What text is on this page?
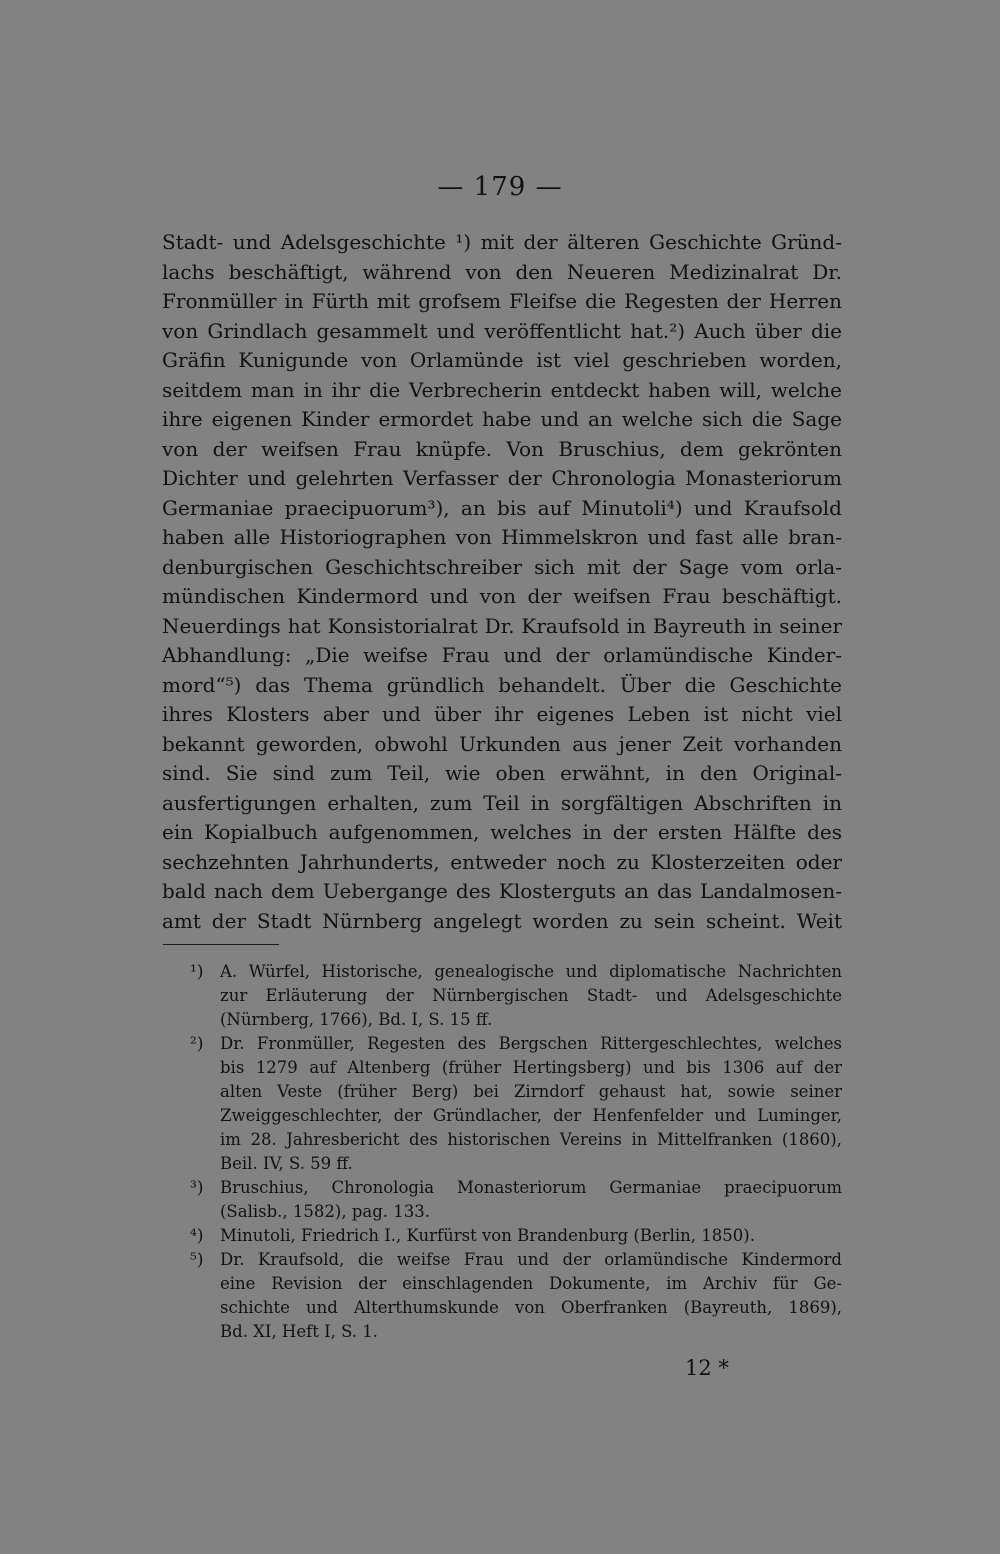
— 179 —
Stadt- und Adelsgeschichte ¹) mit der älteren Geschichte Gründ-
lachs beschäftigt, während von den Neueren Medizinalrat Dr.
Fronmüller in Fürth mit grofsem Fleifse die Regesten der Herren
von Grindlach gesammelt und veröffentlicht hat.²) Auch über die
Gräfin Kunigunde von Orlamünde ist viel geschrieben worden,
seitdem man in ihr die Verbrecherin entdeckt haben will, welche
ihre eigenen Kinder ermordet habe und an welche sich die Sage
von der weifsen Frau knüpfe. Von Bruschius, dem gekrönten
Dichter und gelehrten Verfasser der Chronologia Monasteriorum
Germaniae praecipuorum³), an bis auf Minutoli⁴) und Kraufsold
haben alle Historiographen von Himmelskron und fast alle bran-
denburgischen Geschichtschreiber sich mit der Sage vom orla-
mündischen Kindermord und von der weifsen Frau beschäftigt.
Neuerdings hat Konsistorialrat Dr. Kraufsold in Bayreuth in seiner
Abhandlung: „Die weifse Frau und der orlamündische Kinder-
mord“⁵) das Thema gründlich behandelt. Über die Geschichte
ihres Klosters aber und über ihr eigenes Leben ist nicht viel
bekannt geworden, obwohl Urkunden aus jener Zeit vorhanden
sind. Sie sind zum Teil, wie oben erwähnt, in den Original-
ausfertigungen erhalten, zum Teil in sorgfältigen Abschriften in
ein Kopialbuch aufgenommen, welches in der ersten Hälfte des
sechzehnten Jahrhunderts, entweder noch zu Klosterzeiten oder
bald nach dem Uebergange des Klosterguts an das Landalmosen-
amt der Stadt Nürnberg angelegt worden zu sein scheint. Weit
¹) A. Würfel, Historische, genealogische und diplomatische Nachrichten
zur Erläuterung der Nürnbergischen Stadt- und Adelsgeschichte
(Nürnberg, 1766), Bd. I, S. 15 ff.
²) Dr. Fronmüller, Regesten des Bergschen Rittergeschlechtes, welches
bis 1279 auf Altenberg (früher Hertingsberg) und bis 1306 auf der
alten Veste (früher Berg) bei Zirndorf gehaust hat, sowie seiner
Zweiggeschlechter, der Gründlacher, der Henfenfelder und Luminger,
im 28. Jahresbericht des historischen Vereins in Mittelfranken (1860),
Beil. IV, S. 59 ff.
³) Bruschius, Chronologia Monasteriorum Germaniae praecipuorum
(Salisb., 1582), pag. 133.
⁴) Minutoli, Friedrich I., Kurfürst von Brandenburg (Berlin, 1850).
⁵) Dr. Kraufsold, die weifse Frau und der orlamündische Kindermord
eine Revision der einschlagenden Dokumente, im Archiv für Ge-
schichte und Alterthumskunde von Oberfranken (Bayreuth, 1869),
Bd. XI, Heft I, S. 1.
12 *
